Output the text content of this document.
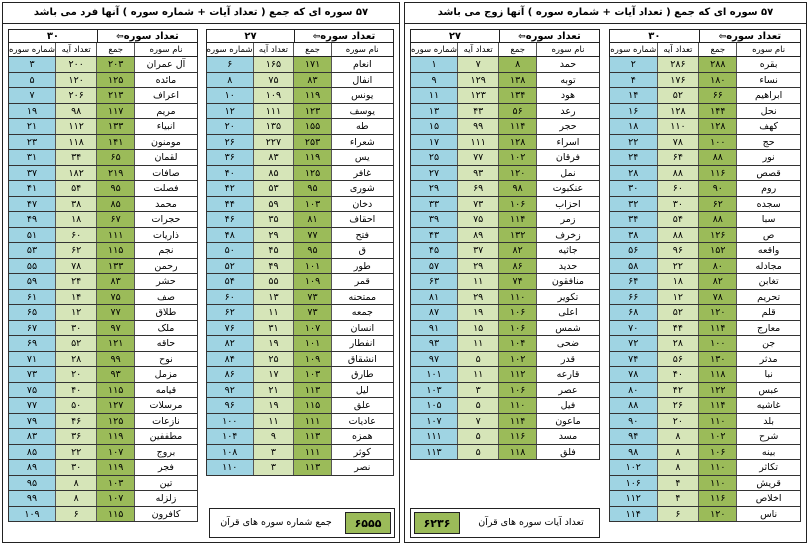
۵۷ سوره ای که جمع ( تعداد آیات + شماره سوره ) آنها فرد می باشد
۳۰	تعداد سوره⇦
شماره سوره تعداد آیه	جمع	نام سوره
۳	۲۰۰	۲۰۳	آل عمران
۵	۱۲۰	۱۲۵	مائده
۷	۲۰۶	۲۱۳	اعراف
۱۹	۹۸	۱۱۷	مریم
۲۱	۱۱۲	۱۳۳	انبیاء
۲۳	۱۱۸	۱۴۱	مومنون
۳۱	۳۴	۶۵	لقمان
۳۷	۱۸۲	۲۱۹	صافات
۴۱	۵۴	۹۵	فصلت
۴۷	۳۸	۸۵	محمد
۴۹	۱۸	۶۷	حجرات
۵۱	۶۰	۱۱۱	ذاریات
۵۳	۶۲	۱۱۵	نجم
۵۵	۷۸	۱۳۳	رحمن
۵۹	۲۴	۸۳	حشر
۶۱	۱۴	۷۵	صف
۶۵	۱۲	۷۷	طلاق
۶۷	۳۰	۹۷	ملک
۶۹	۵۲	۱۲۱	حاقه
۷۱	۲۸	۹۹	نوح
۷۳	۲۰	۹۳	مزمل
۷۵	۴۰	۱۱۵	قیامه
۷۷	۵۰	۱۲۷	مرسلات
۷۹	۴۶	۱۲۵	نازعات
۸۳	۳۶	۱۱۹	مطففین
۸۵	۲۲	۱۰۷	بروج
۸۹	۳۰	۱۱۹	فجر
۹۵	۸	۱۰۳	تین
۹۹	۸	۱۰۷	زلزله
۱۰۹	۶	۱۱۵	کافرون
۲۷	تعداد سوره⇦
شماره سوره تعداد آیه	جمع	نام سوره
۶	۱۶۵	۱۷۱	انعام
۸	۷۵	۸۳	انفال
۱۰	۱۰۹	۱۱۹	یونس
۱۲	۱۱۱	۱۲۳	یوسف
۲۰	۱۳۵	۱۵۵	طه
۲۶	۲۲۷	۲۵۳	شعراء
۳۶	۸۳	۱۱۹	یس
۴۰	۸۵	۱۲۵	غافر
۴۲	۵۳	۹۵	شوری
۴۴	۵۹	۱۰۳	دخان
۴۶	۳۵	۸۱	احقاف
۴۸	۲۹	۷۷	فتح
۵۰	۴۵	۹۵	ق
۵۲	۴۹	۱۰۱	طور
۵۴	۵۵	۱۰۹	قمر
۶۰	۱۳	۷۳	ممتحنه
۶۲	۱۱	۷۳	جمعه
۷۶	۳۱	۱۰۷	انسان
۸۲	۱۹	۱۰۱	انفطار
۸۴	۲۵	۱۰۹	انشقاق
۸۶	۱۷	۱۰۳	طارق
۹۲	۲۱	۱۱۳	لیل
۹۶	۱۹	۱۱۵	علق
۱۰۰	۱۱	۱۱۱	عادیات
۱۰۴	۹	۱۱۳	همزه
۱۰۸	۳	۱۱۱	کوثر
۱۱۰	۳	۱۱۳	نصر
جمع شماره سوره های قرآن	۶۵۵۵
۵۷ سوره ای که جمع ( تعداد آیات + شماره سوره ) آنها زوج می باشد
۲۷	تعداد سوره⇦
شماره سوره تعداد آیه	جمع	نام سوره
۱	۷	۸	حمد
۹	۱۲۹	۱۳۸	توبه
۱۱	۱۲۳	۱۳۴	هود
۱۳	۴۳	۵۶	رعد
۱۵	۹۹	۱۱۴	حجر
۱۷	۱۱۱	۱۲۸	اسراء
۲۵	۷۷	۱۰۲	فرقان
۲۷	۹۳	۱۲۰	نمل
۲۹	۶۹	۹۸	عنکبوت
۳۳	۷۳	۱۰۶	احزاب
۳۹	۷۵	۱۱۴	زمر
۴۳	۸۹	۱۳۲	زخرف
۴۵	۳۷	۸۲	جاثیه
۵۷	۲۹	۸۶	حدید
۶۳	۱۱	۷۴	منافقون
۸۱	۲۹	۱۱۰	تکویر
۸۷	۱۹	۱۰۶	اعلی
۹۱	۱۵	۱۰۶	شمس
۹۳	۱۱	۱۰۴	ضحی
۹۷	۵	۱۰۲	قدر
۱۰۱	۱۱	۱۱۲	قارعه
۱۰۳	۳	۱۰۶	عصر
۱۰۵	۵	۱۱۰	فیل
۱۰۷	۷	۱۱۴	ماعون
۱۱۱	۵	۱۱۶	مسد
۱۱۳	۵	۱۱۸	فلق
۳۰	تعداد سوره⇦
شماره سوره تعداد آیه	جمع	نام سوره
۲	۲۸۶	۲۸۸	بقره
۴	۱۷۶	۱۸۰	نساء
۱۴	۵۲	۶۶	ابراهیم
۱۶	۱۲۸	۱۴۴	نحل
۱۸	۱۱۰	۱۲۸	کهف
۲۲	۷۸	۱۰۰	حج
۲۴	۶۴	۸۸	نور
۲۸	۸۸	۱۱۶	قصص
۳۰	۶۰	۹۰	روم
۳۲	۳۰	۶۲	سجده
۳۴	۵۴	۸۸	سبا
۳۸	۸۸	۱۲۶	ص
۵۶	۹۶	۱۵۲	واقعه
۵۸	۲۲	۸۰	مجادله
۶۴	۱۸	۸۲	تغابن
۶۶	۱۲	۷۸	تحریم
۶۸	۵۲	۱۲۰	قلم
۷۰	۴۴	۱۱۴	معارج
۷۲	۲۸	۱۰۰	جن
۷۴	۵۶	۱۳۰	مدثر
۷۸	۴۰	۱۱۸	نبا
۸۰	۴۲	۱۲۲	عبس
۸۸	۲۶	۱۱۴	غاشیه
۹۰	۲۰	۱۱۰	بلد
۹۴	۸	۱۰۲	شرح
۹۸	۸	۱۰۶	بینه
۱۰۲	۸	۱۱۰	تکاثر
۱۰۶	۴	۱۱۰	قریش
۱۱۲	۴	۱۱۶	اخلاص
۱۱۴	۶	۱۲۰	ناس
۶۲۳۶	تعداد آیات سوره های قرآن
